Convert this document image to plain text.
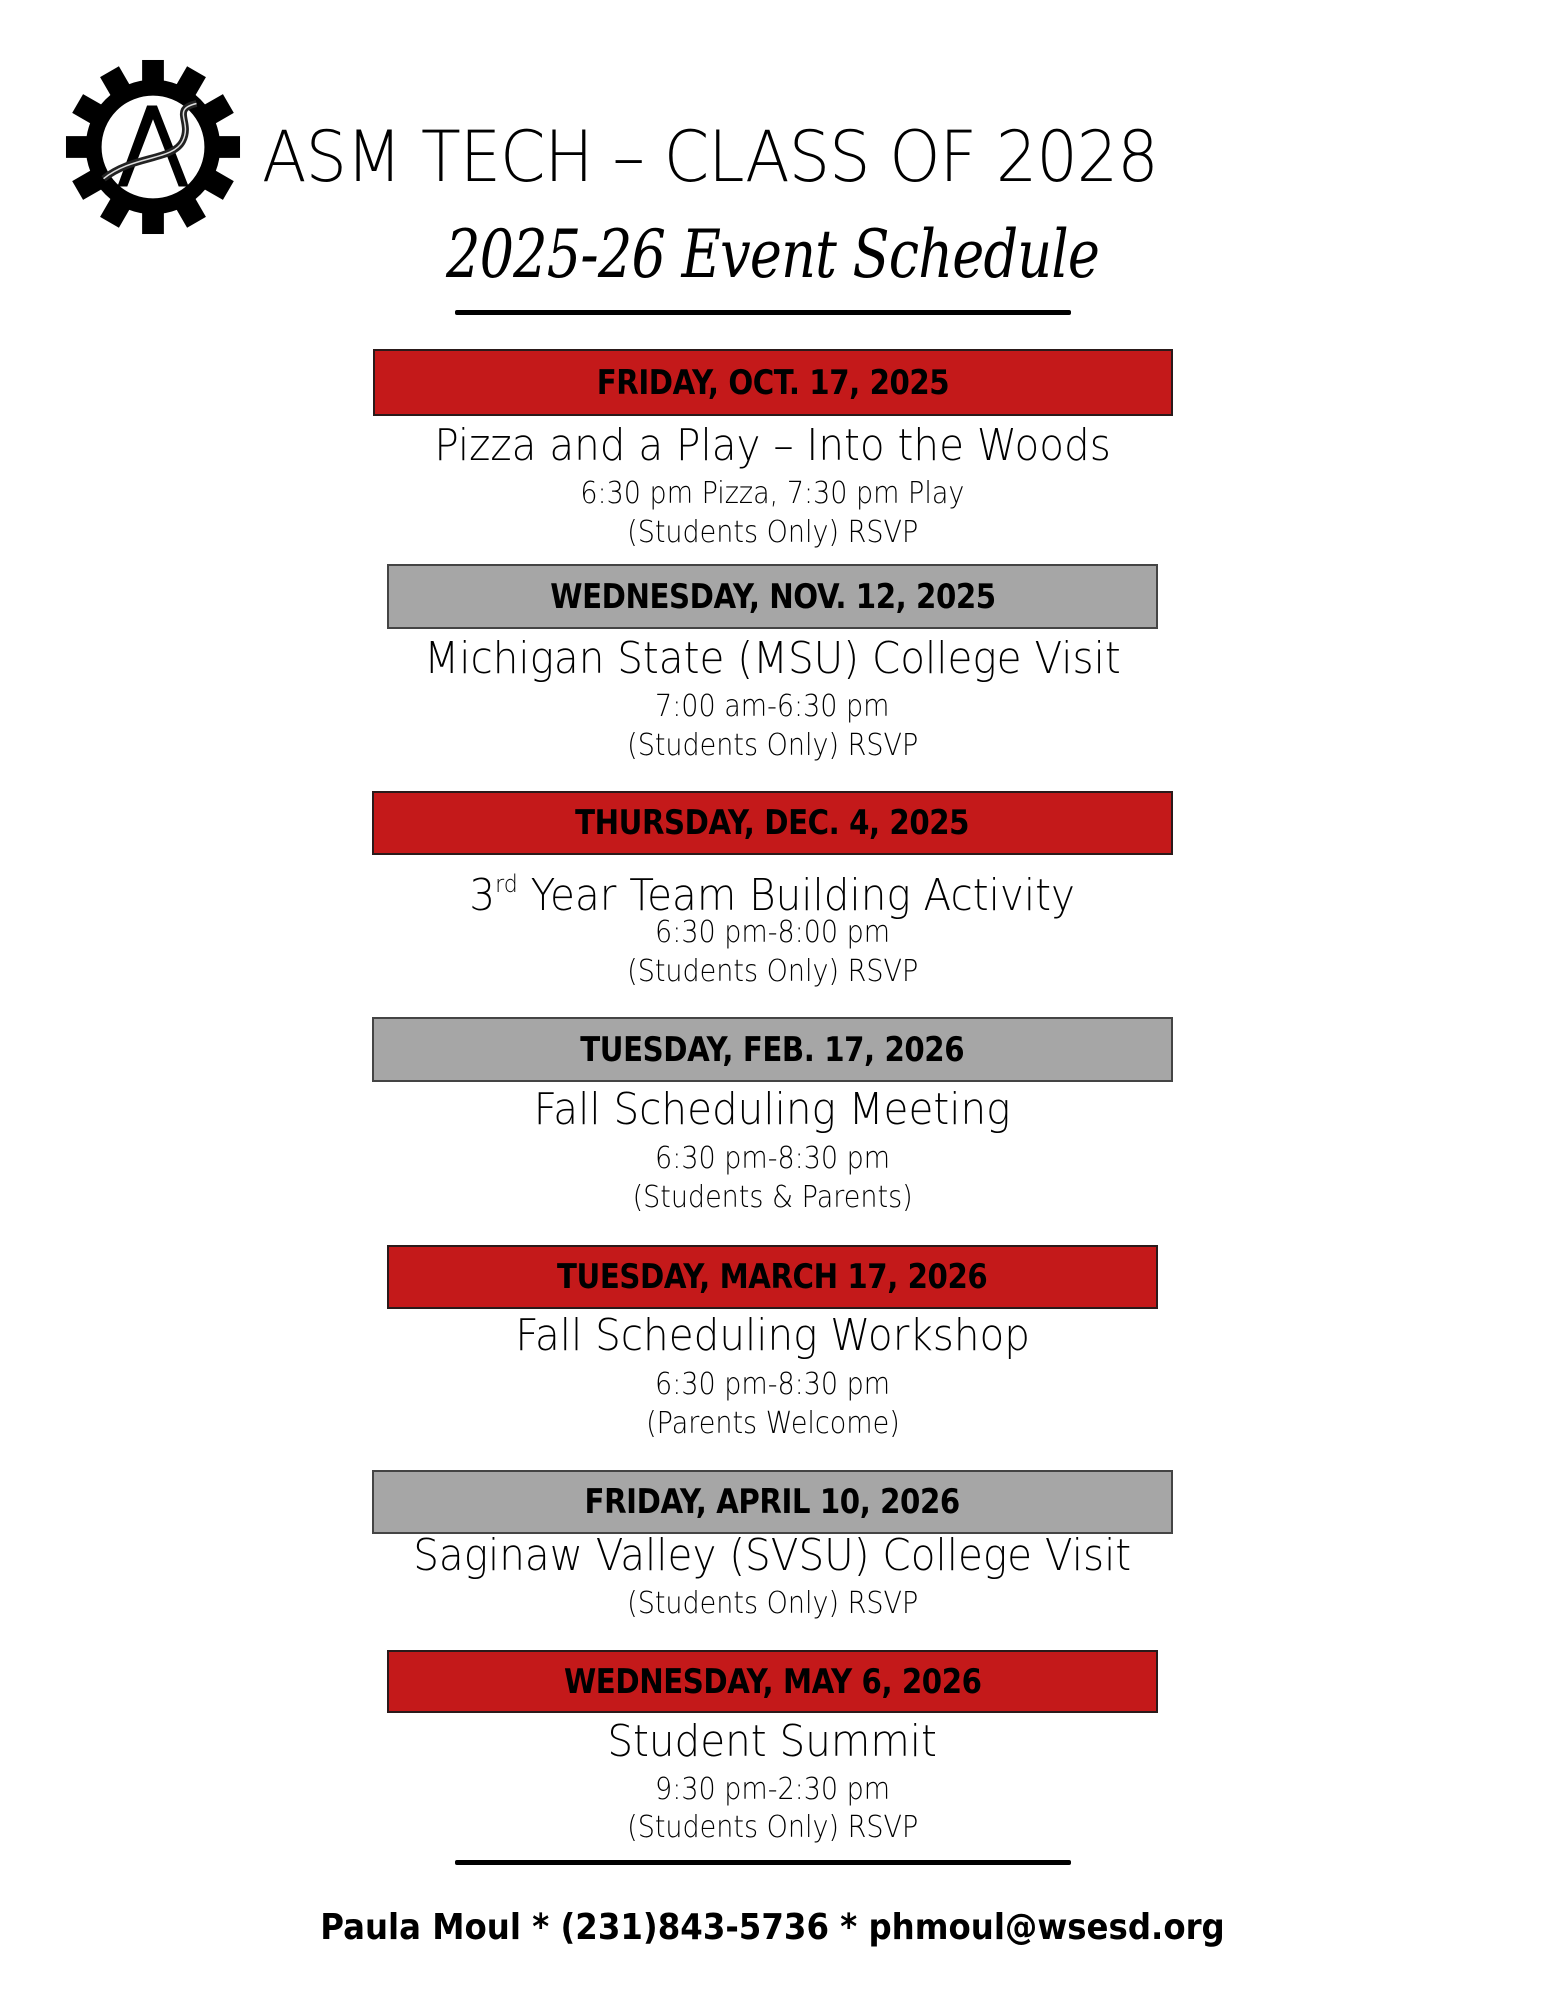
ASM TECH – CLASS OF 2028
2025-26 Event Schedule
FRIDAY, OCT. 17, 2025
Pizza and a Play – Into the Woods
6:30 pm Pizza, 7:30 pm Play
(Students Only) RSVP
WEDNESDAY, NOV. 12, 2025
Michigan State (MSU) College Visit
7:00 am-6:30 pm
(Students Only) RSVP
THURSDAY, DEC. 4, 2025
3rd Year Team Building Activity
6:30 pm-8:00 pm
(Students Only) RSVP
TUESDAY, FEB. 17, 2026
Fall Scheduling Meeting
6:30 pm-8:30 pm
(Students & Parents)
TUESDAY, MARCH 17, 2026
Fall Scheduling Workshop
6:30 pm-8:30 pm
(Parents Welcome)
FRIDAY, APRIL 10, 2026
Saginaw Valley (SVSU) College Visit
(Students Only) RSVP
WEDNESDAY, MAY 6, 2026
Student Summit
9:30 pm-2:30 pm
(Students Only) RSVP
Paula Moul * (231)843-5736 * phmoul@wsesd.org
